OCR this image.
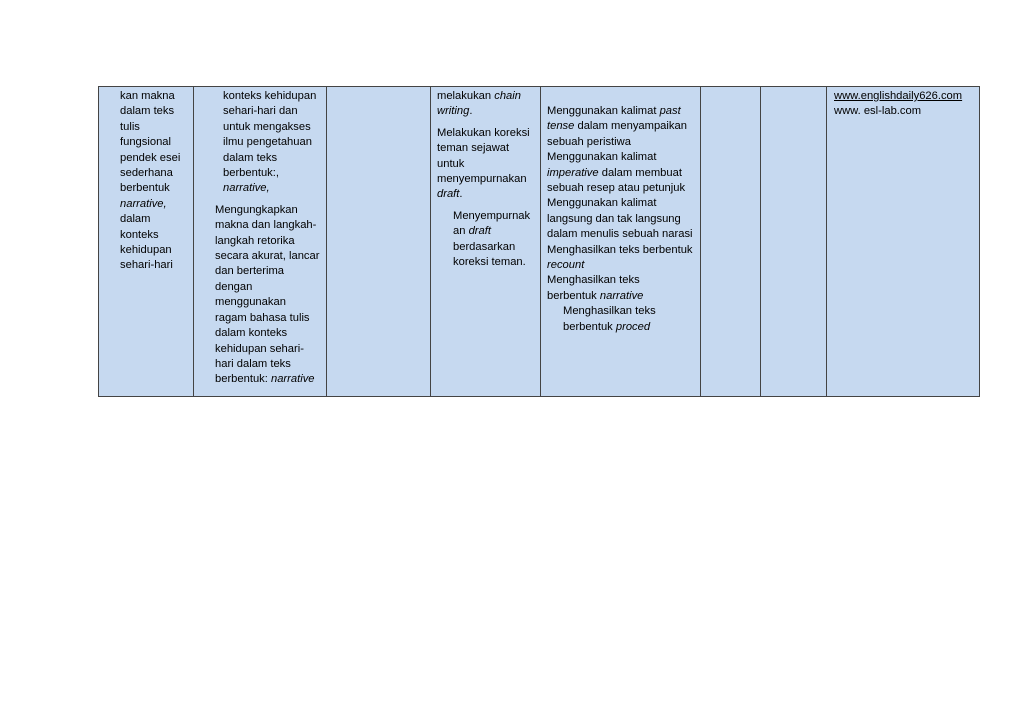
kan makna
dalam teks
tulis
fungsional
pendek esei
sederhana
berbentuk
narrative,
dalam
konteks
kehidupan
sehari-hari
konteks kehidupan
sehari-hari dan
untuk mengakses
ilmu pengetahuan
dalam teks
berbentuk:,
narrative,
Mengungkapkan
makna dan langkah-
langkah retorika
secara akurat, lancar
dan berterima
dengan
menggunakan
ragam bahasa tulis
dalam konteks
kehidupan sehari-
hari dalam teks
berbentuk: narrative
melakukan chain
writing.
Melakukan koreksi
teman sejawat
untuk
menyempurnakan
draft.
Menyempurnak
an draft
berdasarkan
koreksi teman.
Menggunakan kalimat past
tense dalam menyampaikan
sebuah peristiwa
Menggunakan kalimat
imperative dalam membuat
sebuah resep atau petunjuk
Menggunakan kalimat
langsung dan tak langsung
dalam menulis sebuah narasi
Menghasilkan teks berbentuk
recount
Menghasilkan teks
berbentuk narrative
Menghasilkan teks
berbentuk proced
www.englishdaily626.com
www. esl-lab.com
